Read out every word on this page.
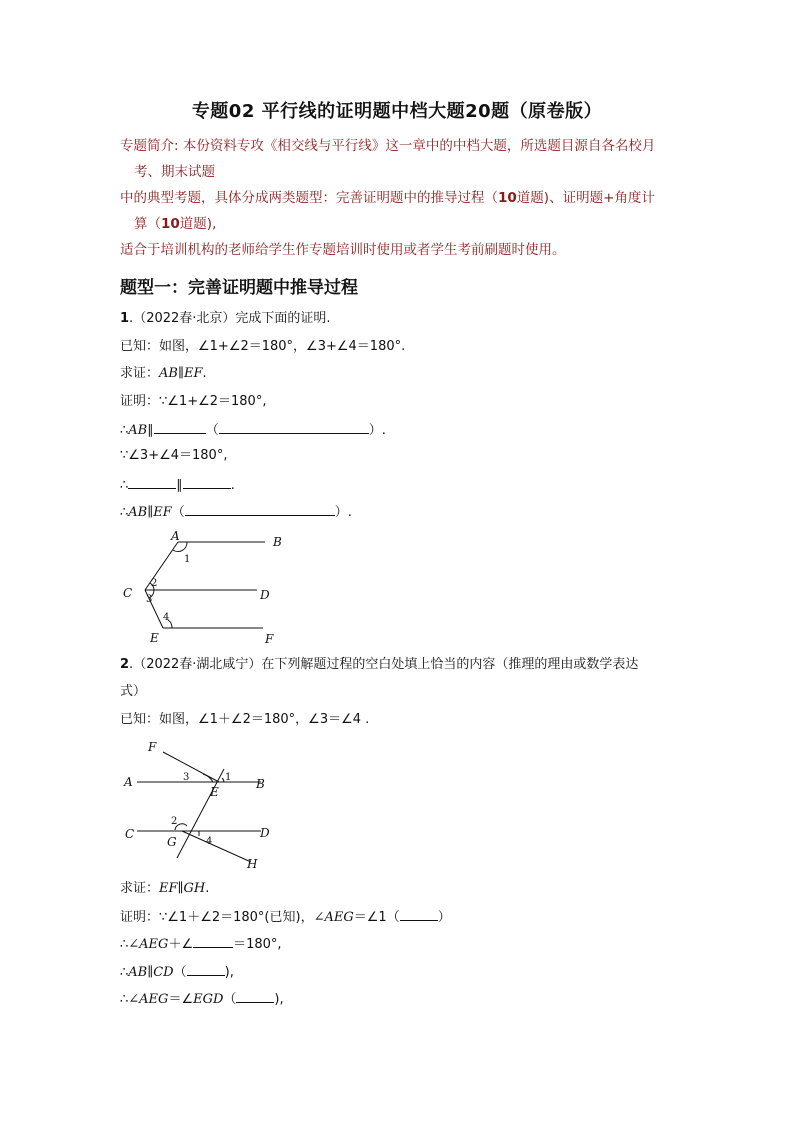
专题02 平行线的证明题中档大题20题（原卷版）
专题简介: 本份资料专攻《相交线与平行线》这一章中的中档大题，所选题目源自各名校月
考、期末试题
中的典型考题，具体分成两类题型：完善证明题中的推导过程（10道题)、证明题+角度计
算（10道题),
适合于培训机构的老师给学生作专题培训时使用或者学生考前刷题时使用。
题型一：完善证明题中推导过程
1.（2022春·北京）完成下面的证明.
已知：如图，∠1+∠2＝180°，∠3+∠4＝180°.
求证：AB∥EF.
证明：∵∠1+∠2＝180°,
∴AB∥	（	）.
∵∠3+∠4＝180°,
∴	∥	.
∴AB∥EF（	）.
A	B
C	D
E	F
1
2
3
4
2.（2022春·湖北咸宁）在下列解题过程的空白处填上恰当的内容（推理的理由或数学表达
式）
已知：如图，∠1＋∠2＝180°，∠3＝∠4 .
F
A	B
E
C	D
G
H
3	1
2
4
求证：EF∥GH.
证明：∵∠1＋∠2＝180°(已知)，∠AEG＝∠1（	）
∴∠AEG＋∠	＝180°,
∴AB∥CD（	),
∴∠AEG＝∠EGD（	),
